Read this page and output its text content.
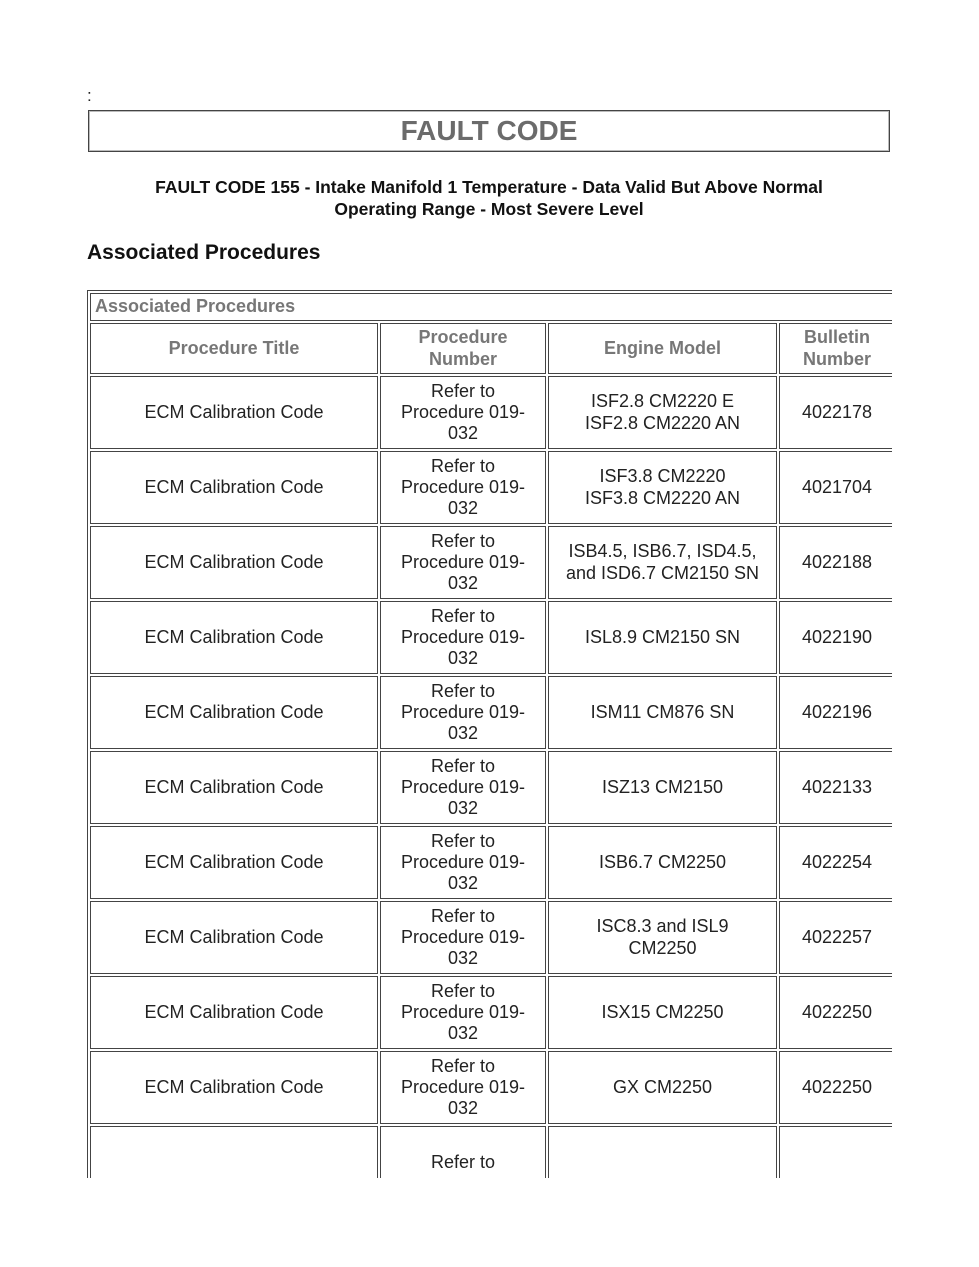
:
FAULT CODE
FAULT CODE 155 - Intake Manifold 1 Temperature - Data Valid But Above Normal
Operating Range - Most Severe Level
Associated Procedures
Associated Procedures			
Procedure Title	Procedure
Number	Engine Model	Bulletin
Number

ECM Calibration Code	Refer to
Procedure 019-
032	ISF2.8 CM2220 E
ISF2.8 CM2220 AN	4022178
ECM Calibration Code	Refer to
Procedure 019-
032	ISF3.8 CM2220
ISF3.8 CM2220 AN	4021704
ECM Calibration Code	Refer to
Procedure 019-
032	ISB4.5, ISB6.7, ISD4.5,
and ISD6.7 CM2150 SN	4022188
ECM Calibration Code	Refer to
Procedure 019-
032	ISL8.9 CM2150 SN	4022190
ECM Calibration Code	Refer to
Procedure 019-
032	ISM11 CM876 SN	4022196
ECM Calibration Code	Refer to
Procedure 019-
032	ISZ13 CM2150	4022133
ECM Calibration Code	Refer to
Procedure 019-
032	ISB6.7 CM2250	4022254
ECM Calibration Code	Refer to
Procedure 019-
032	ISC8.3 and ISL9
CM2250	4022257
ECM Calibration Code	Refer to
Procedure 019-
032	ISX15 CM2250	4022250
ECM Calibration Code	Refer to
Procedure 019-
032	GX CM2250	4022250

	Refer to		
